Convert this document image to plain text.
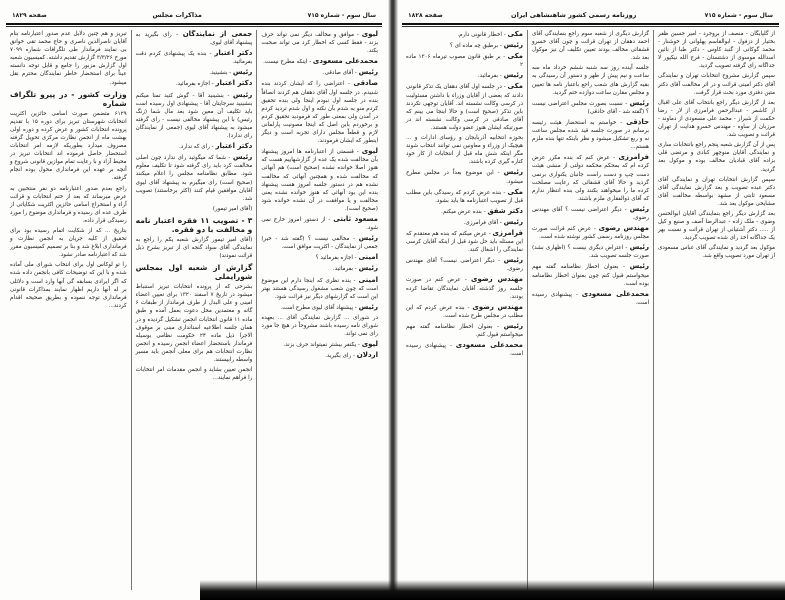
سال سوم - شماره ۷۱۵
روزنامه رسمی کشور شاهنشاهی ایران
صفحه ۱۸۲۸

از گلپایگان - منصف از بروجرد - امیر حسین ظفر بختیار از دزفول - ابوالقاسم پهلوانی از خوشنار - محمد گوکانی از گنبد کاوس - دکتر طبا از نائین اسدالله موسوی از دشتستان - فرج الله نیکپور لا جداگانه رای گرفته تصویب گردید.

سپس گزارش مشروح انتخابات تهران و نمایندگی آقای دکتر امینی قرائت و در اثر مخالفت آقای دکتر متین دفتری مورد بحث قرار گرفت.

بعد از گزارش دیگر راجع بانتخاب آقای علی اقبال از کاشمر - عبدالرحمن فرامرزی از لار - رضا حکمت از شیراز - محمد علی مسعودی از دماوند - مرزبان از ساوه - مهندس خسرو هدایت از تهران قرائت و تصویب شد.

پس از آن گزارش شعبه پنجم راجع بانتخابات ساری و نمایندگی آقایان منوچهر کبادی و مرتضی قلی بزاده آقای قبادیان مخالف بوده و موکول بعد گردید.

سپس گزارش انتخابات تهران و نمایندگی آقای دکتر عبده تصویب و بعد گزارش نمایندگی آقای مسعود ثابتی از مشهد بواسطه مخالفت آقای مشایخی موکول بعد شد.

بعد گزارش دیگر راجع بنمایندگی آقایان ابوالحسن وضوی - ملک زاده - عبدالرضا آصف و صنیع و کیل از ..... دکتر آشتیانی از تهران قرائت و نسبت بهر یک جداگانه اخذ رای شده تصویب گردید.

موکول بعد گردید و نمایندگی آقای عباس مسعودی از تهران مورد تصویب واقع شد.

گزارش دیگری از شعبه سوم راجع بنمایندگی آقای احمد دهقان از تهران قرائت و چون آقای خسرو قشقائی مخالف بودند تعیین تکلیف آن نیز موکول بعد شد.

جلسه آینده روز سه شنبه ششم خرداد ماه سه ساعت و نیم پیش از ظهر و دستور آن رسیدگی به بقیه گزارش های شعب راجع باعتبار نامه ها تعیین و مجلس مقارن ساعت دوازده ختم گردید.

رئیس - نسبت بصورت مجلس اعتراضی نیست ؟ (گفته شد - آقای حاذقی)

حاذقی - خواستم به استحضار هیئت رئیسه برسانم در صورت جلسه قید شده مجلس ساعت نه و ربع تشکیل میشود و نظر باینکه تنها بنده ملزم هستم...

فرامرزی - عرض کنم که بنده مکرر عرض کرده ام که بمحکم محکمه دولتی از منشی هیئت دست چپ و دست راست جانبان یکنواری برنمی گردید و حالا آقای قشقائی که رعایت مصلحت کرده ما را میخواهند بکنند ولی بنده انتظار ندارم که آقای ذوالفقاری ملزم باشند.

رئیس - دیگر اعتراضی نیست ؟ آقای مهندس رضوی.

مهندس رضوی - عرض کنم قرائت صورت مجلس روزنامه رسمی کشور نوشته شده است.

رئیس - اعتراض دیگری نیست ؟ (اظهاری نشد) صورت جلسه تصویب شد.

رئیس - بعنوان اخطار نظامنامه گفته مهم میخواستم قبول کنم چون بعنوان اخطار نظامنامه بوده است.

محمدعلی مسعودی - پیشنهادی رسیده است.

مکی - اخطار قانونی دارم.

رئیس - برطبق چه ماده ای ؟

مکی - بر طبق قانون مصوب تیرماه ۱۳۰۶ ماده ۲

رئیس - بفرمائید.

مکی - در جلسه اول آقای دهقان یک تذکر قانونی دادند که بعضی از آقایان وزراء با داشتن مسئولیت در کرسی وکالت نشسته اند. آقایان توجهی نکردند باین تذکر (صحیح است) و حالا اینجا می بینم که آقای صادقی در کرسی وکالت نشسته اند در صورتیکه ایشان هنوز عضو دولت هستند.

بحوزه انتخابیه آذربایجان و رؤسای ادارات و ... هیچیک از وزراء و معاونین نمی توانند انتخاب شوند مگر اینکه شش ماه قبل از انتخابات از کار خود کناره گیری کرده باشند.

رئیس - این موضوع بعداً در مجلس مطرح میشود.

مکی - بنده عرض کردم که رسیدگی باین مطلب قبل از تصویب اعتبارنامه ها باید بشود.

دکتر شفق - بنده عرض میکنم.

رئیس - آقای فرامرزی.

فرامرزی - عرض میکنم که بنده هم معتقدم که این مسئله باید حل شود قبل از اینکه آقایان کرسی نمایندگی را اشغال کنند.

رئیس - دیگر اعتراضی نیست؟ آقای مهندس رضوی.

مهندس رضوی - عرض کنم در صورت جلسه روز گذشته آقایان نمایندگان تقاضا کرده بودند.

مهندس رضوی - بنده عرض کردم که این مطلب در مجلس طرح شده است.

رئیس - بعنوان اخطار نظامنامه گفته مهم میخواستم قبول کنم.

محمدعلی مسعودی - پیشنهادی رسیده است.

سال سوم - شماره ۷۱۵
مذاکرات مجلس
صفحه ۱۸۲۹

لیوی - موافق و مخالف دیگر نمی تواند حرف بزند - فقط کسی که اخطار کرد می تواند صحبت بکند.

محمدعلی مسعودی - اینکه مطرح نیست.

رئیس - آقای صادقی.

صادقی - اعتراضی را که ایشان کردند بنده شنیدم. در جلسه اول آقای دهقان هم کردند انصافاً بنده در جلسه اول نبودم اینجا ولی بنده تحقیق کردم منو به شدم بآن نکته و اول شدم تردید کردم در آمدن ولی بمعنی طور که فرمودید تحقیق کردم و برخوردم باین اصل که اینجا مصونیت پارلمانی لازم و قطعاً مجلس دارای تجربه است و دیگر اینطور که ایشان فرمودند.

لیوی - قسمتی از اعتبارنامه ها امروز پیشنهاد بآن مخالفت شده یک عده از گزارشهاییم هست که هنوز اصلا خوانده نشده (صحیح است) هم آنهائی که مخالفت شده و همچنین آنهائی که مخالفت نشده هم در دستور جلسه امروز هست پیشنهاد بنده این بود آنهائی که هنوز خوانده نشده یعنی مخالفت و یا موافقت در آن نشده خوانده شود (صحیح است).

مسعود ثابتی - از دستور امروز خارج نمی شود.

رئیس - مخالفی نیست ؟ (گفته شد - خیر) جمعی از نمایندگان - اکثریت موافق است.

امینی - اجازه بفرمائید ؟

رئیس - بفرمائید.

امینی - بنده نظری که اینجا دارم این موضوع است که چون شعب مشغول رسیدگی هستند بهتر این است که گزارشهای دیگر نیز قرائت شود.

رئیس - پیشنهاد آقای لیوی مطرح است.

در شورای ... گزارش نمایندگی آقای ... بعهده شورای نامه رسیده باشند مشروحاً در هیچ جا مورد رای نمی تواند.

لیوی - یکنفر بیشتر نمیتواند حرف بزند.

اردلان - رای بگیرید.

جمعی از نمایندگان - رای بگیرید به پیشنهاد آقای لیوی.

دکتر اعتبار - بنده یک پیشنهادی کردم دقت بفرمائید.

رئیس - بنشینید.

دکتر اعتبار - اجازه بفرمائید.

رئیس - بنشینید آقا - گوش کنید تمنا میکنم بنشینید سرجایتان آقا - پیشنهادی اول رسیده است باید تکلیف آن معین شود بعد مال شما (زنگ رئیس) با این پیشنهاد مخالفی نیست - رای گرفته میشود به پیشنهاد آقای لیوی (جمعی از نمایندگان رای ندارد).

دکتر اعتبار - رای که ندارد.

رئیس - شما که میگوئید رای ندارد چون اصلی مخالفت کرد باید رای گرفته شود تا تکلیف معلوم شود. مطابق نظامنامه مجلس را اعلام میکنند (صحیح است) رای میگیرم به پیشنهاد آقای لیوی آقایان موافقین قیام کنند (اکثر برخاستند) تصویب شد.

(آقای امیر تیمور)

۳ - تصویب ۱۱ فقره اعتبار نامه و مخالفت با دو فقره.

(آقای امیر تیمور گزارش شعبه یکم را راجع به نمایندگی آقای سواد گنجه ای از تبریز بشرح ذیل قرائت نمودند)

گزارش از شعبه اول بمجلس شورایملی

بشرحی که از پرونده انتخابات تبریز استنباط میشود در تاریخ ۷ اسفند ۱۳۲۰ برای تعیین اعضاء امینی و علی البدل از طرف فرماندار از طبقات ۶ گانه و معتمدین محل دعوت بعمل آمده و طبق ماده ۱۱ قانون انتخابات انجمن تشکیل گردیده و در همان جلسه اطلاعیه استانداری مبنی بر موقوف الاجرا ذیل ماده ۲۴ حکومت نظامی بوسیله فرماندار باستحضار اعضاء انجمن رسیده و انجمن نظارت انتخابات هم برای معلی آنجمن باید مسیر واسطه رابیستند.

انجمن تعیین بشاید و انجمن مقدمات امر انتخابات را فراهم نمایند...

تبریز و هم چنین دلایل عدم صدور اعتبارنامه بنام آقایان ناصرالدین ناصری و حاج محمد تقی خوانق بی نمایند فرماندار طی تلگرافات شماره ۷۰۹۹ مورخ ۳/۳/۲۶ گزارش تقدیم داشته. کمیسیون شعبه اول گزارش مزبور را جامع و قابل توجه دانسته عیناً برای استحضار خاطر نمایندگان محترم نقل میشود.

وزارت کشور - در پیرو تلگراف شماره

۶۱۲۹ متضمن صورت اسامی حائزین اکثریت انتخابات شهرستان تبریز برای دوره ۱۵ با تقدیم پرونده انتخابات کشور و عرض کرده و دوره اولی بهشت ماه از انجمن نظارت مرکزی تحویل گرفته مصروف میدارد بطوریکه لازمه امر انتخابات استحضار حاصل فرموده اند انتخابات تبریز در محیط آزاد و با رعایت تمام موازین قانونی شروع و آنچه بر عهده این فرمانداری محول بوده انجام گرفته.

راجع بعدم صدور اعتبارنامه دو نفر منتخبین به عرض میرساند که بعد از ختم انتخابات و قرائت آراء و استخراج اسامی حائزین اکثریت شکایاتی از طرف عده ای رسیده و فرمانداری موضوع را مورد رسیدگی قرار داده.

بتاریخ ... که از شکایت اتمام رسیده بود برای تحقیق از کلیه جریان به انجمن نظارت و فرمانداری ابلاغ شد و بنا بر تصمیم کمیسیون مقرر شد که اعتبارنامه صادر نشود.

را تو لوکاس اول برای انتخاب شورای ملی آماده شده و با این که توضیحات کافی بانجمن داده شده که اگر ایرادی بسابقه گی آنها وارد است و دلائلی بر له آنها داریم اظهار نمایند بمذاکرات قانونی فرمانداری توجه ننموده و بطریق صحیحه اقدام کردند...
